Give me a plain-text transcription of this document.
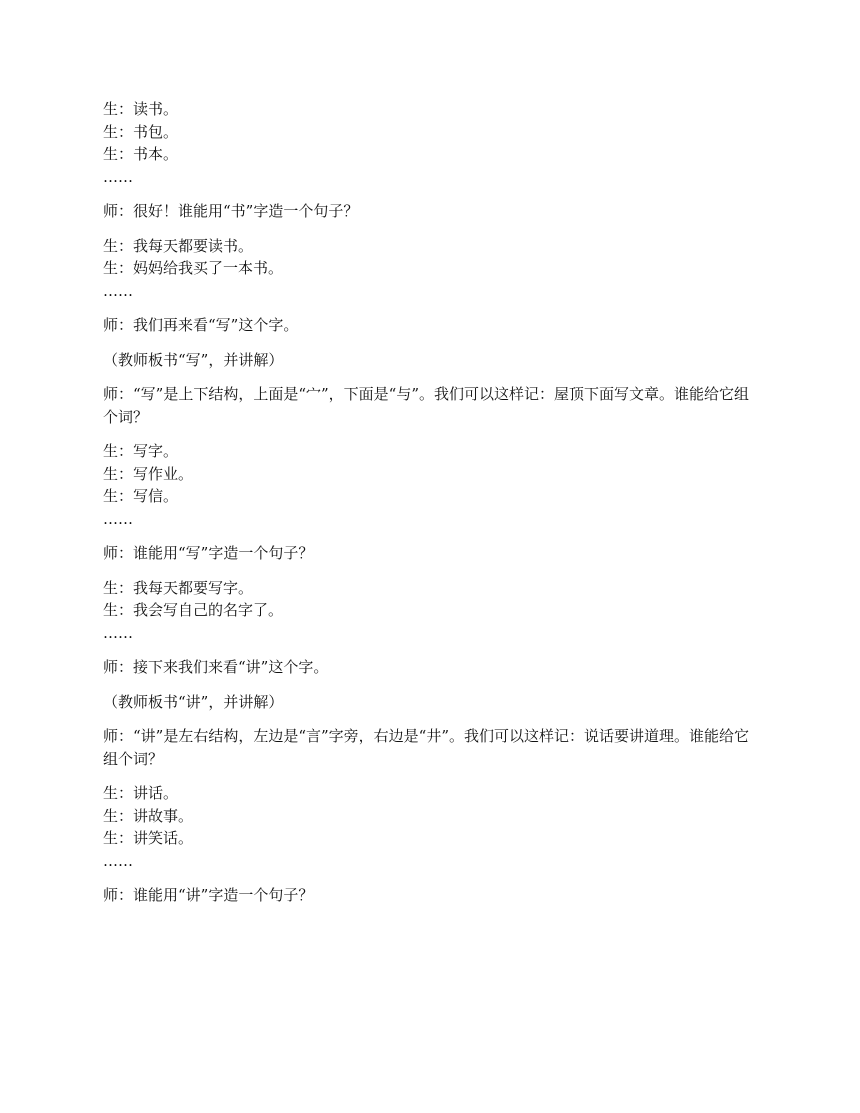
生：读书。
生：书包。
生：书本。
……
师：很好！谁能用“书”字造一个句子？
生：我每天都要读书。
生：妈妈给我买了一本书。
……
师：我们再来看“写”这个字。
（教师板书“写”，并讲解）
师：“写”是上下结构，上面是“宀”，下面是“与”。我们可以这样记：屋顶下面写文章。谁能给它组个词？
生：写字。
生：写作业。
生：写信。
……
师：谁能用“写”字造一个句子？
生：我每天都要写字。
生：我会写自己的名字了。
……
师：接下来我们来看“讲”这个字。
（教师板书“讲”，并讲解）
师：“讲”是左右结构，左边是“言”字旁，右边是“井”。我们可以这样记：说话要讲道理。谁能给它组个词？
生：讲话。
生：讲故事。
生：讲笑话。
……
师：谁能用“讲”字造一个句子？
